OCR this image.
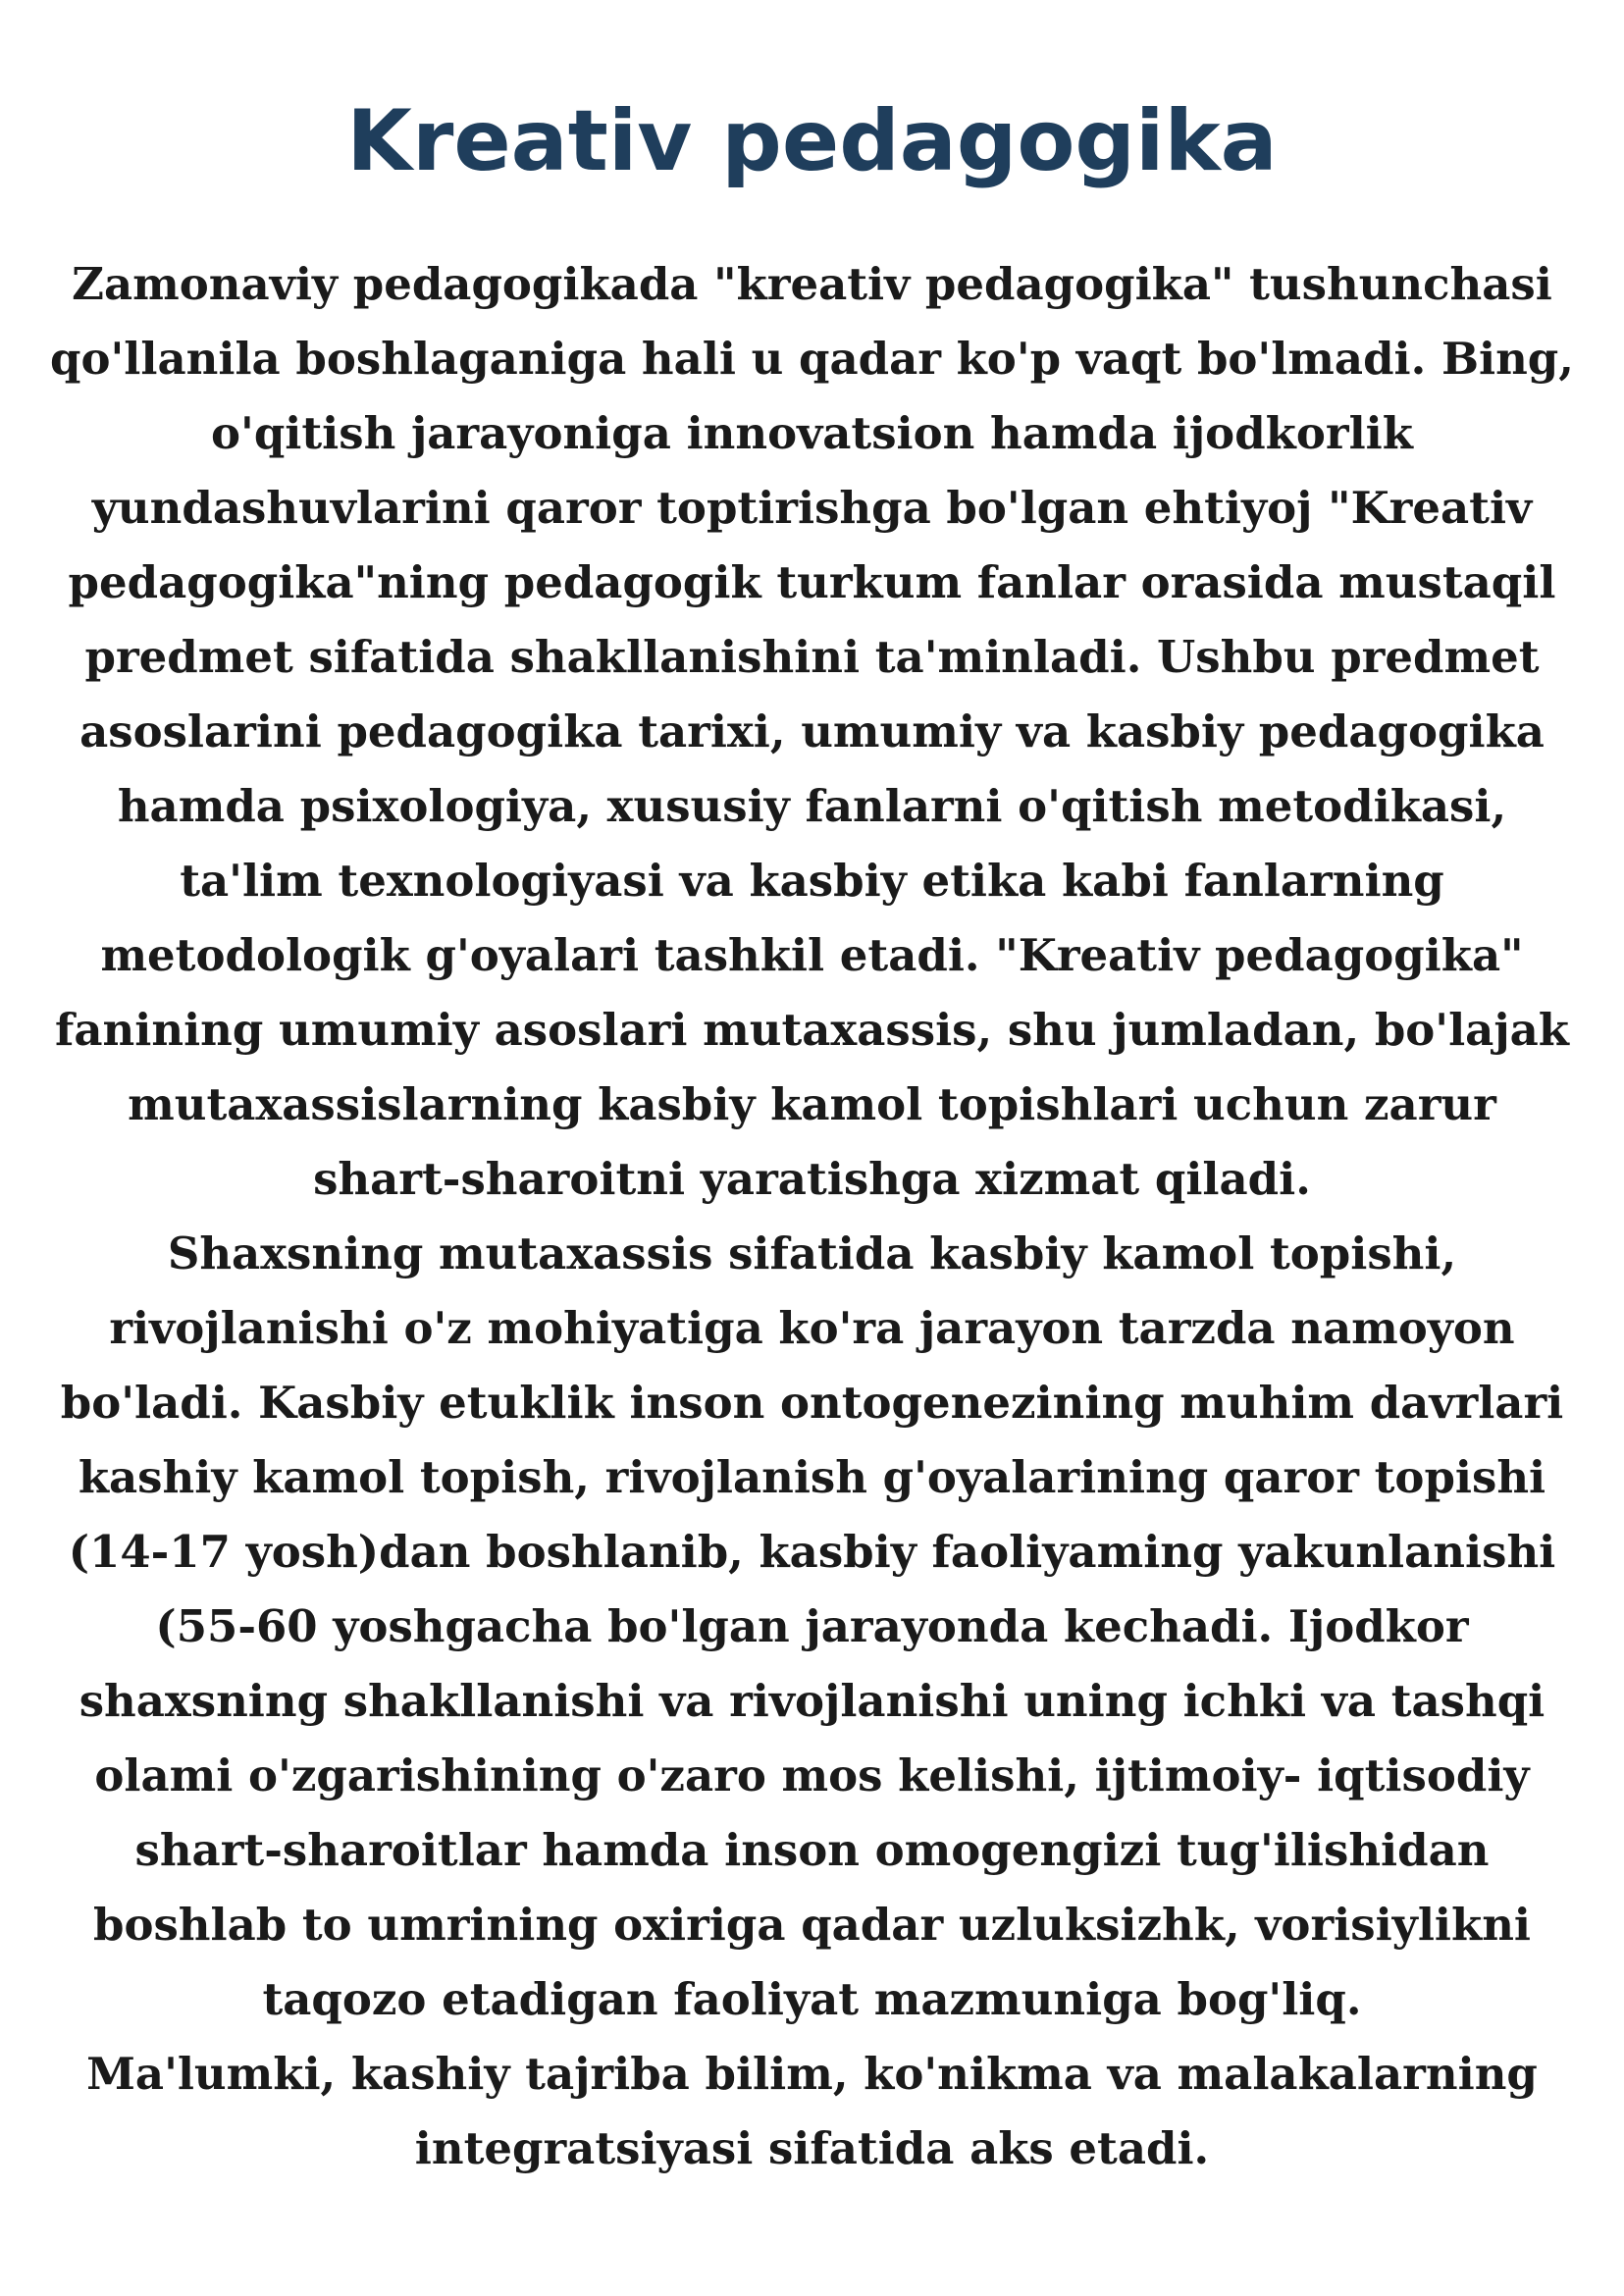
Kreativ pedagogika

Zamonaviy pedagogikada "kreativ pedagogika" tushunchasi
qo'llanila boshlaganiga hali u qadar ko'p vaqt bo'lmadi. Bing,
o'qitish jarayoniga innovatsion hamda ijodkorlik
yundashuvlarini qaror toptirishga bo'lgan ehtiyoj "Kreativ
pedagogika"ning pedagogik turkum fanlar orasida mustaqil
predmet sifatida shakllanishini ta'minladi. Ushbu predmet
asoslarini pedagogika tarixi, umumiy va kasbiy pedagogika
hamda psixologiya, xususiy fanlarni o'qitish metodikasi,
ta'lim texnologiyasi va kasbiy etika kabi fanlarning
metodologik g'oyalari tashkil etadi. "Kreativ pedagogika"
fanining umumiy asoslari mutaxassis, shu jumladan, bo'lajak
mutaxassislarning kasbiy kamol topishlari uchun zarur
shart-sharoitni yaratishga xizmat qiladi.

Shaxsning mutaxassis sifatida kasbiy kamol topishi,
rivojlanishi o'z mohiyatiga ko'ra jarayon tarzda namoyon
bo'ladi. Kasbiy etuklik inson ontogenezining muhim davrlari
kashiy kamol topish, rivojlanish g'oyalarining qaror topishi
(14-17 yosh)dan boshlanib, kasbiy faoliyaming yakunlanishi
(55-60 yoshgacha bo'lgan jarayonda kechadi. Ijodkor
shaxsning shakllanishi va rivojlanishi uning ichki va tashqi
olami o'zgarishining o'zaro mos kelishi, ijtimoiy- iqtisodiy
shart-sharoitlar hamda inson omogengizi tug'ilishidan
boshlab to umrining oxiriga qadar uzluksizhk, vorisiylikni
taqozo etadigan faoliyat mazmuniga bog'liq.

Ma'lumki, kashiy tajriba bilim, ko'nikma va malakalarning
integratsiyasi sifatida aks etadi.
